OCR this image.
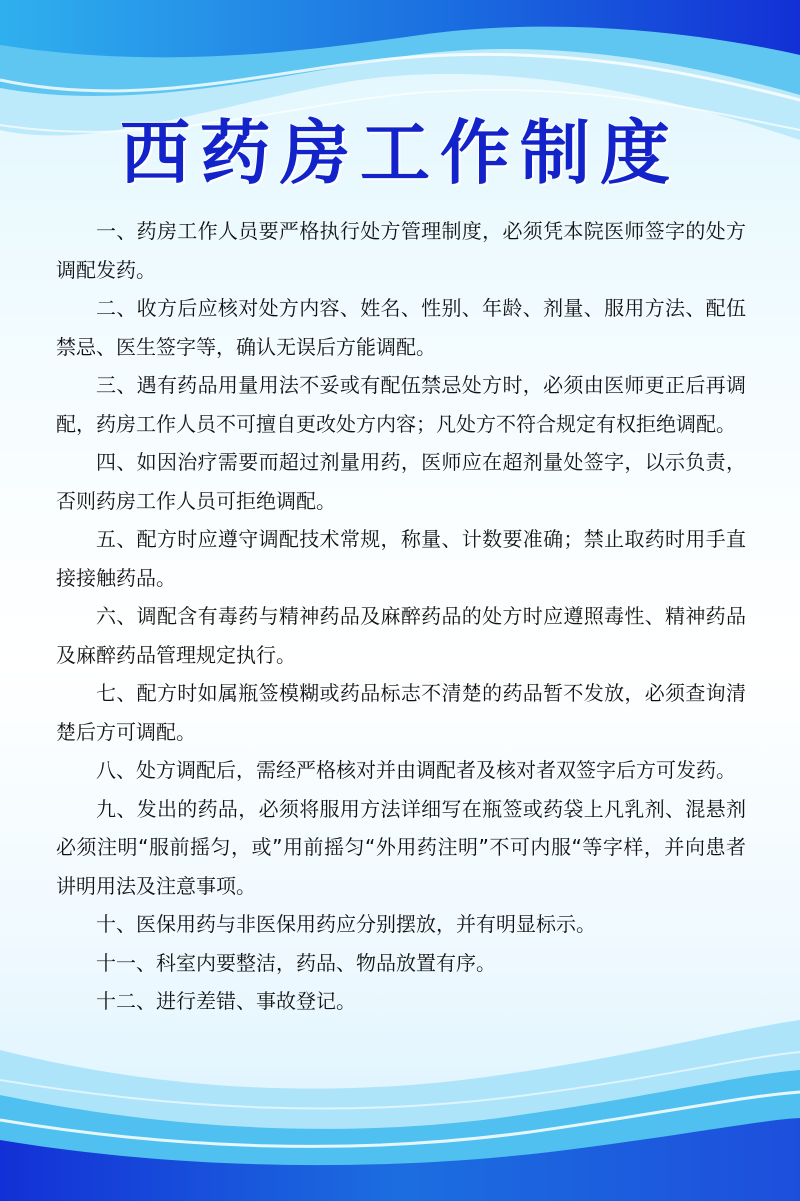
西药房工作制度

一、药房工作人员要严格执行处方管理制度，必须凭本院医师签字的处方调配发药。

二、收方后应核对处方内容、姓名、性别、年龄、剂量、服用方法、配伍禁忌、医生签字等，确认无误后方能调配。

三、遇有药品用量用法不妥或有配伍禁忌处方时，必须由医师更正后再调配，药房工作人员不可擅自更改处方内容；凡处方不符合规定有权拒绝调配。

四、如因治疗需要而超过剂量用药，医师应在超剂量处签字，以示负责，否则药房工作人员可拒绝调配。

五、配方时应遵守调配技术常规，称量、计数要准确；禁止取药时用手直接接触药品。

六、调配含有毒药与精神药品及麻醉药品的处方时应遵照毒性、精神药品及麻醉药品管理规定执行。

七、配方时如属瓶签模糊或药品标志不清楚的药品暂不发放，必须查询清楚后方可调配。

八、处方调配后，需经严格核对并由调配者及核对者双签字后方可发药。

九、发出的药品，必须将服用方法详细写在瓶签或药袋上凡乳剂、混悬剂必须注明“服前摇匀，或”用前摇匀“外用药注明”不可内服“等字样，并向患者讲明用法及注意事项。

十、医保用药与非医保用药应分别摆放，并有明显标示。

十一、科室内要整洁，药品、物品放置有序。

十二、进行差错、事故登记。
